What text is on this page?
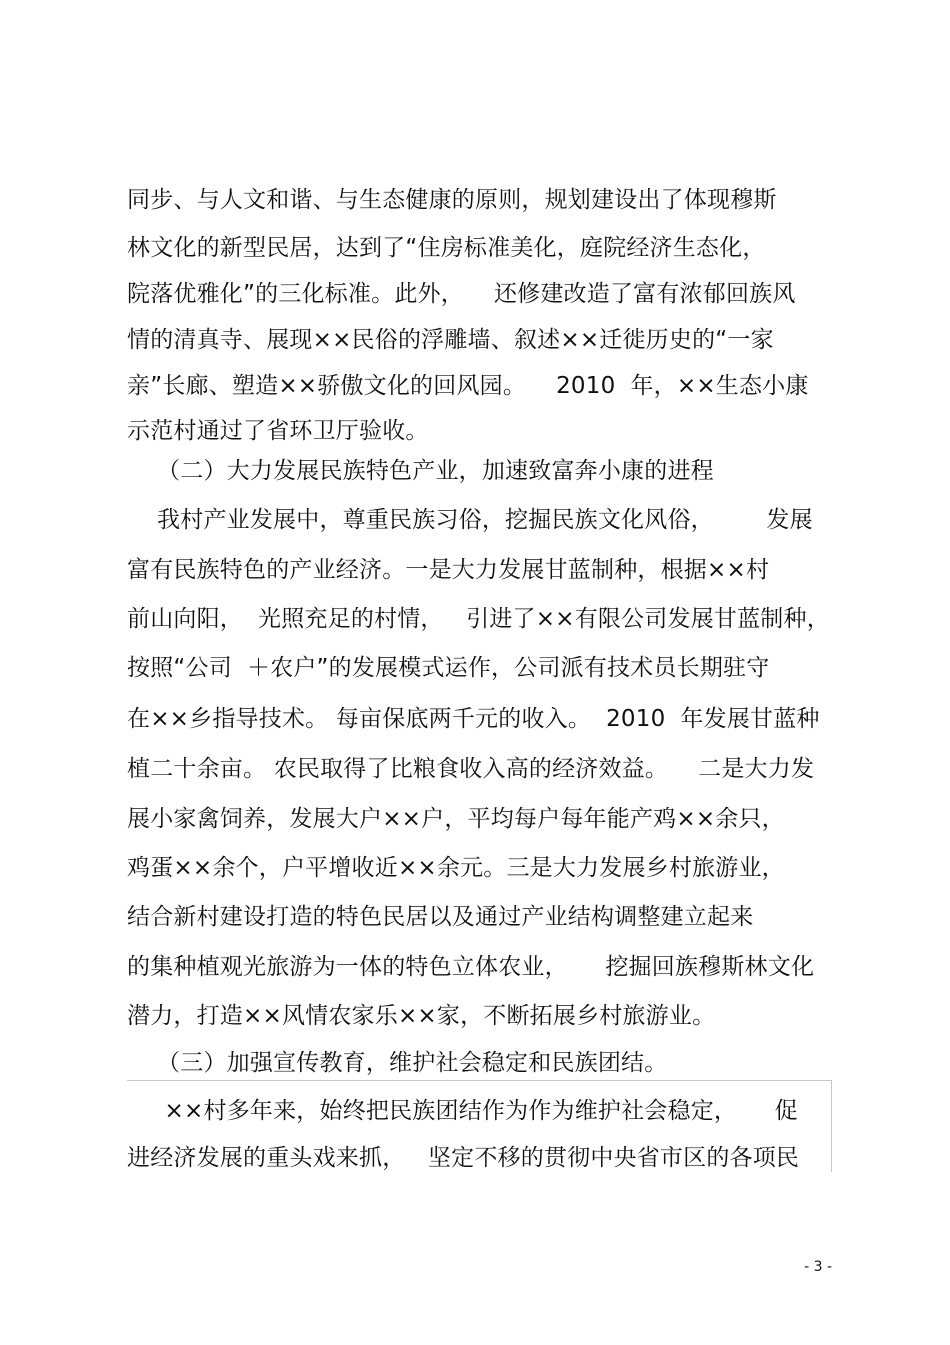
同步、与人文和谐、与生态健康的原则，规划建设出了体现穆斯
林文化的新型民居，达到了“住房标准美化，庭院经济生态化，
院落优雅化”的三化标准。此外，    还修建改造了富有浓郁回族风
情的清真寺、展现××民俗的浮雕墙、叙述××迁徙历史的“一家
亲”长廊、塑造××骄傲文化的回风园。    2010  年，××生态小康
示范村通过了省环卫厅验收。
（二）大力发展民族特色产业，加速致富奔小康的进程
我村产业发展中，尊重民族习俗，挖掘民族文化风俗，       发展
富有民族特色的产业经济。一是大力发展甘蓝制种，根据××村
前山向阳，  光照充足的村情，   引进了××有限公司发展甘蓝制种，
按照“公司  ＋农户”的发展模式运作，公司派有技术员长期驻守
在××乡指导技术。 每亩保底两千元的收入。  2010  年发展甘蓝种
植二十余亩。 农民取得了比粮食收入高的经济效益。    二是大力发
展小家禽饲养，发展大户××户，平均每户每年能产鸡××余只，
鸡蛋××余个，户平增收近××余元。三是大力发展乡村旅游业，
结合新村建设打造的特色民居以及通过产业结构调整建立起来
的集种植观光旅游为一体的特色立体农业，     挖掘回族穆斯林文化
潜力，打造××风情农家乐××家，不断拓展乡村旅游业。
（三）加强宣传教育，维护社会稳定和民族团结。
××村多年来，始终把民族团结作为作为维护社会稳定，     促
进经济发展的重头戏来抓，   坚定不移的贯彻中央省市区的各项民
- 3 -
